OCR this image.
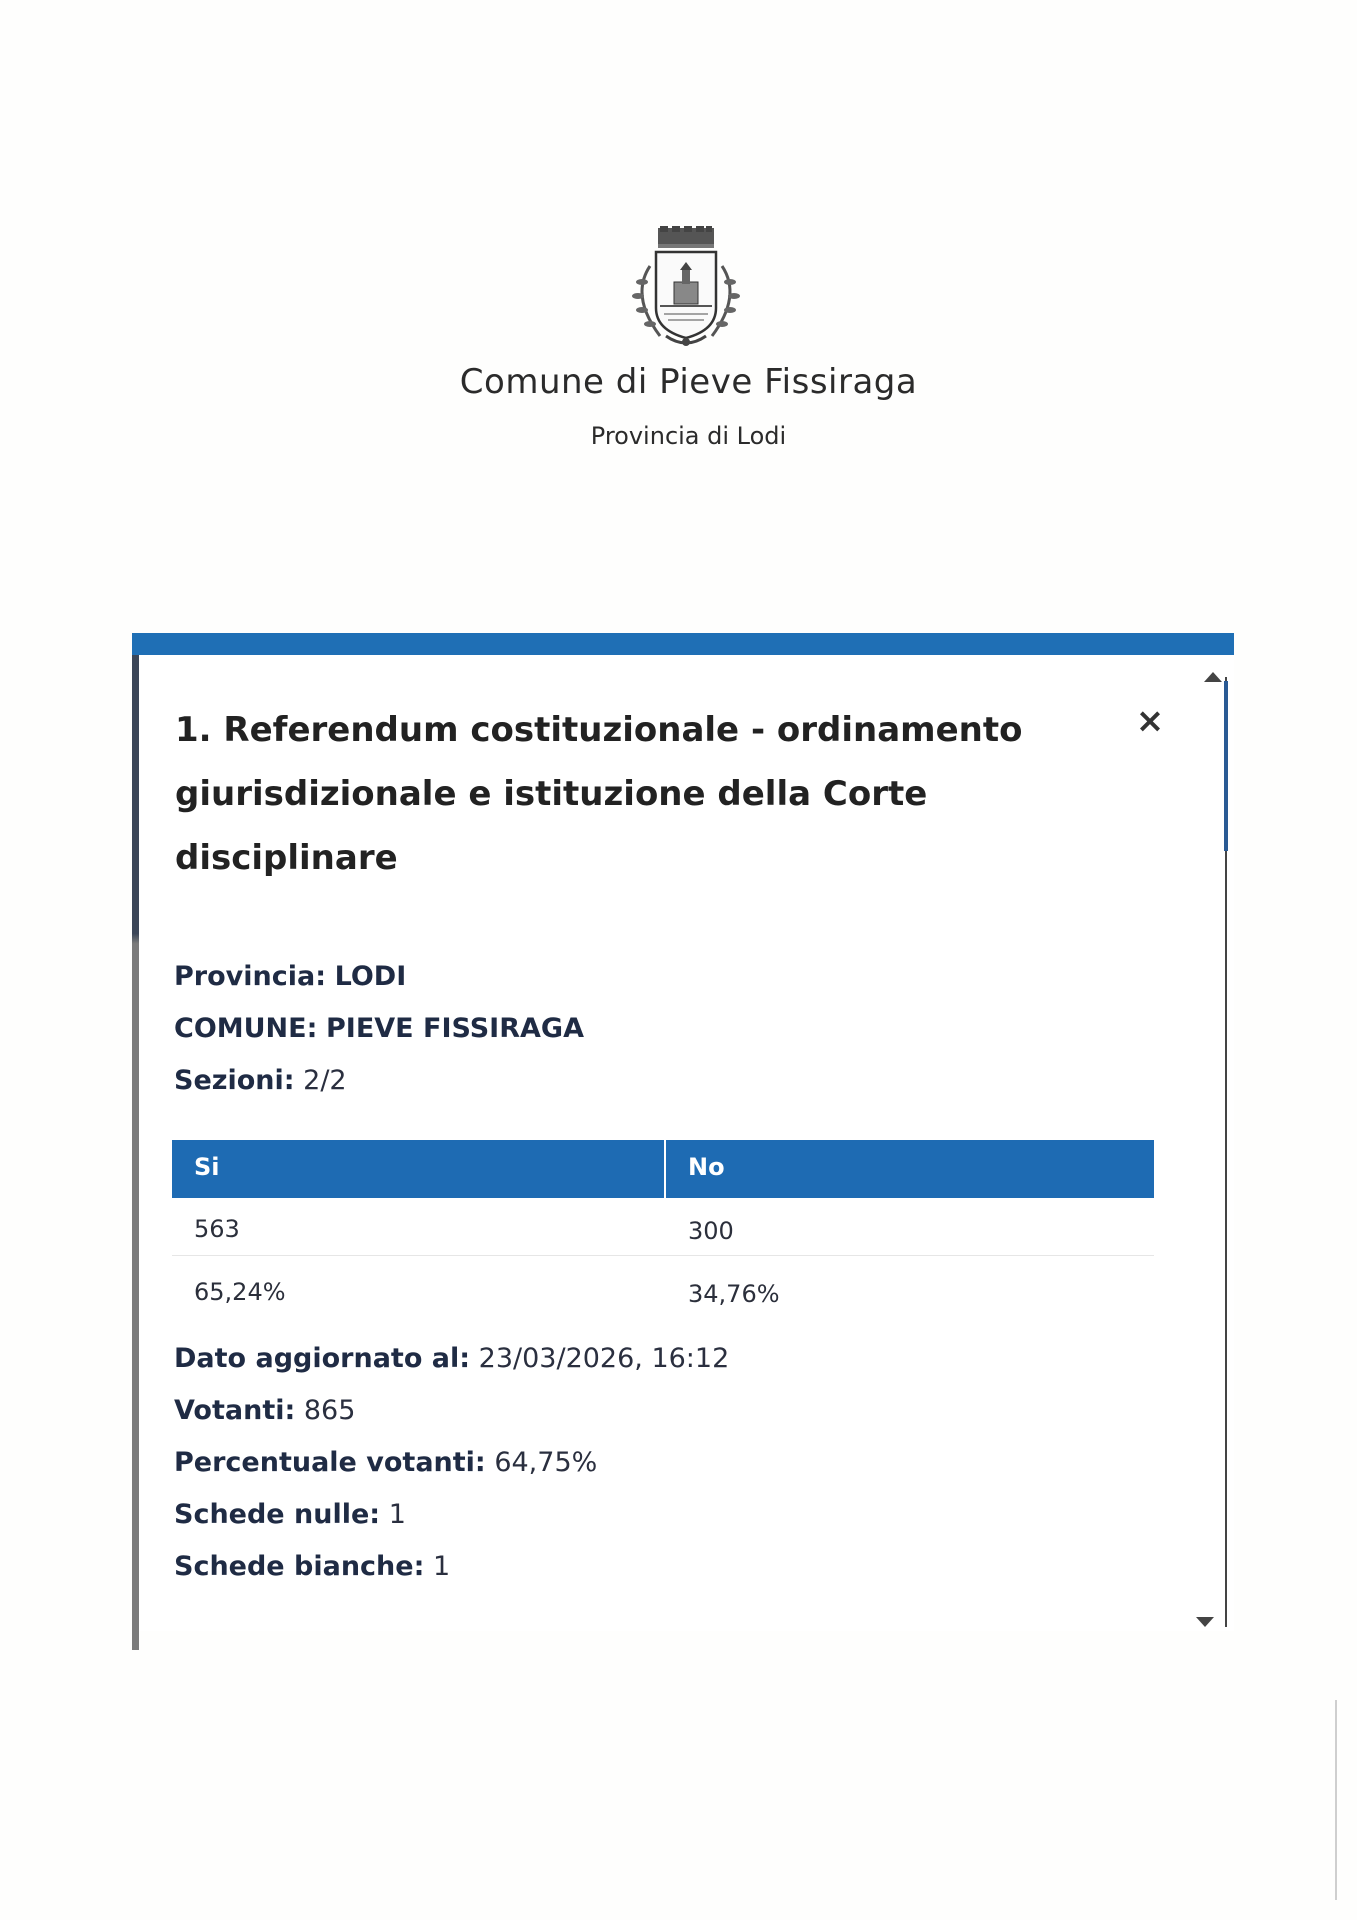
Comune di Pieve Fissiraga
Provincia di Lodi
×
1. Referendum costituzionale - ordinamento giurisdizionale e istituzione della Corte disciplinare
Provincia: LODI
COMUNE: PIEVE FISSIRAGA
Sezioni: 2/2
Si	No
563	300
65,24%	34,76%
Dato aggiornato al: 23/03/2026, 16:12
Votanti: 865
Percentuale votanti: 64,75%
Schede nulle: 1
Schede bianche: 1
